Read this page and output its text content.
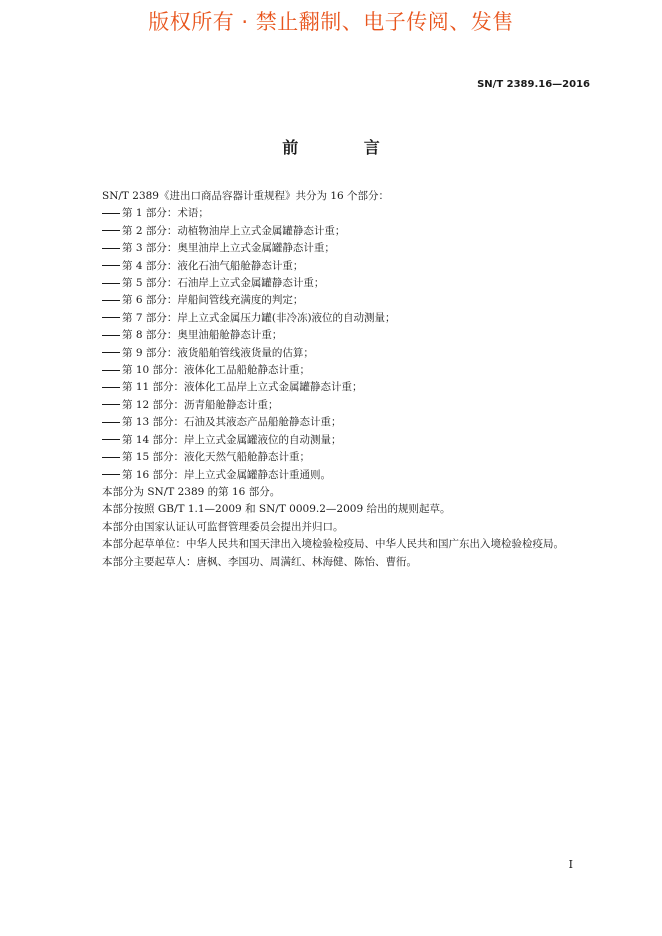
版权所有 · 禁止翻制、电子传阅、发售
SN/T 2389.16—2016
前 言
SN/T 2389《进出口商品容器计重规程》共分为 16 个部分：
第 1 部分：术语；
第 2 部分：动植物油岸上立式金属罐静态计重；
第 3 部分：奥里油岸上立式金属罐静态计重；
第 4 部分：液化石油气船舱静态计重；
第 5 部分：石油岸上立式金属罐静态计重；
第 6 部分：岸船间管线充满度的判定；
第 7 部分：岸上立式金属压力罐(非冷冻)液位的自动测量；
第 8 部分：奥里油船舱静态计重；
第 9 部分：液货船舶管线液货量的估算；
第 10 部分：液体化工品船舱静态计重；
第 11 部分：液体化工品岸上立式金属罐静态计重；
第 12 部分：沥青船舱静态计重；
第 13 部分：石油及其液态产品船舱静态计重；
第 14 部分：岸上立式金属罐液位的自动测量；
第 15 部分：液化天然气船舱静态计重；
第 16 部分：岸上立式金属罐静态计重通则。
本部分为 SN/T 2389 的第 16 部分。
本部分按照 GB/T 1.1—2009 和 SN/T 0009.2—2009 给出的规则起草。
本部分由国家认证认可监督管理委员会提出并归口。
本部分起草单位：中华人民共和国天津出入境检验检疫局、中华人民共和国广东出入境检验检疫局。
本部分主要起草人：唐枫、李国功、周满红、林海健、陈怡、曹衎。
I
